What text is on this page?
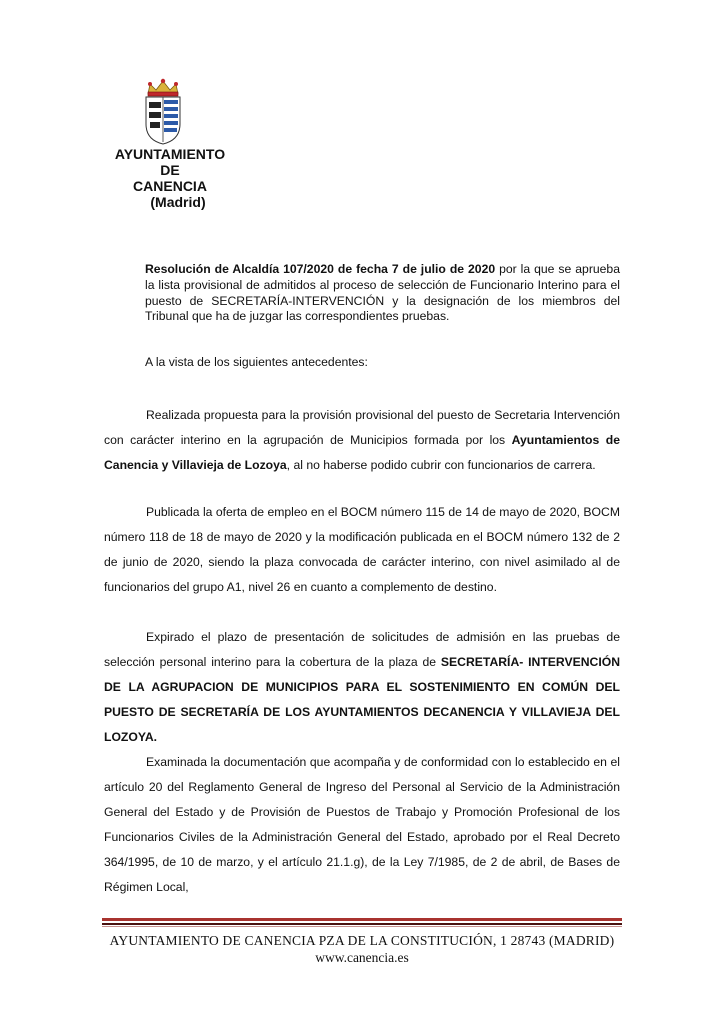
AYUNTAMIENTO
DE
CANENCIA
(Madrid)
Resolución de Alcaldía 107/2020 de fecha 7 de julio de 2020 por la que se aprueba la lista provisional de admitidos al proceso de selección de Funcionario Interino para el puesto de SECRETARÍA-INTERVENCIÓN y la designación de los miembros del Tribunal que ha de juzgar las correspondientes pruebas.
A la vista de los siguientes antecedentes:
Realizada propuesta para la provisión provisional del puesto de Secretaria Intervención con carácter interino en la agrupación de Municipios formada por los Ayuntamientos de Canencia y Villavieja de Lozoya, al no haberse podido cubrir con funcionarios de carrera.
Publicada la oferta de empleo en el BOCM número 115 de 14 de mayo de 2020, BOCM número 118 de 18 de mayo de 2020 y la modificación publicada en el BOCM número 132 de 2 de junio de 2020, siendo la plaza convocada de carácter interino, con nivel asimilado al de funcionarios del grupo A1, nivel 26 en cuanto a complemento de destino.
Expirado el plazo de presentación de solicitudes de admisión en las pruebas de selección personal interino para la cobertura de la plaza de SECRETARÍA- INTERVENCIÓN DE LA AGRUPACION DE MUNICIPIOS PARA EL SOSTENIMIENTO EN COMÚN DEL PUESTO DE SECRETARÍA DE LOS AYUNTAMIENTOS DECANENCIA Y VILLAVIEJA DEL LOZOYA.
Examinada la documentación que acompaña y de conformidad con lo establecido en el artículo 20 del Reglamento General de Ingreso del Personal al Servicio de la Administración General del Estado y de Provisión de Puestos de Trabajo y Promoción Profesional de los Funcionarios Civiles de la Administración General del Estado, aprobado por el Real Decreto 364/1995, de 10 de marzo, y el artículo 21.1.g), de la Ley 7/1985, de 2 de abril, de Bases de Régimen Local,
AYUNTAMIENTO DE CANENCIA PZA DE LA CONSTITUCIÓN, 1 28743 (MADRID)
www.canencia.es
